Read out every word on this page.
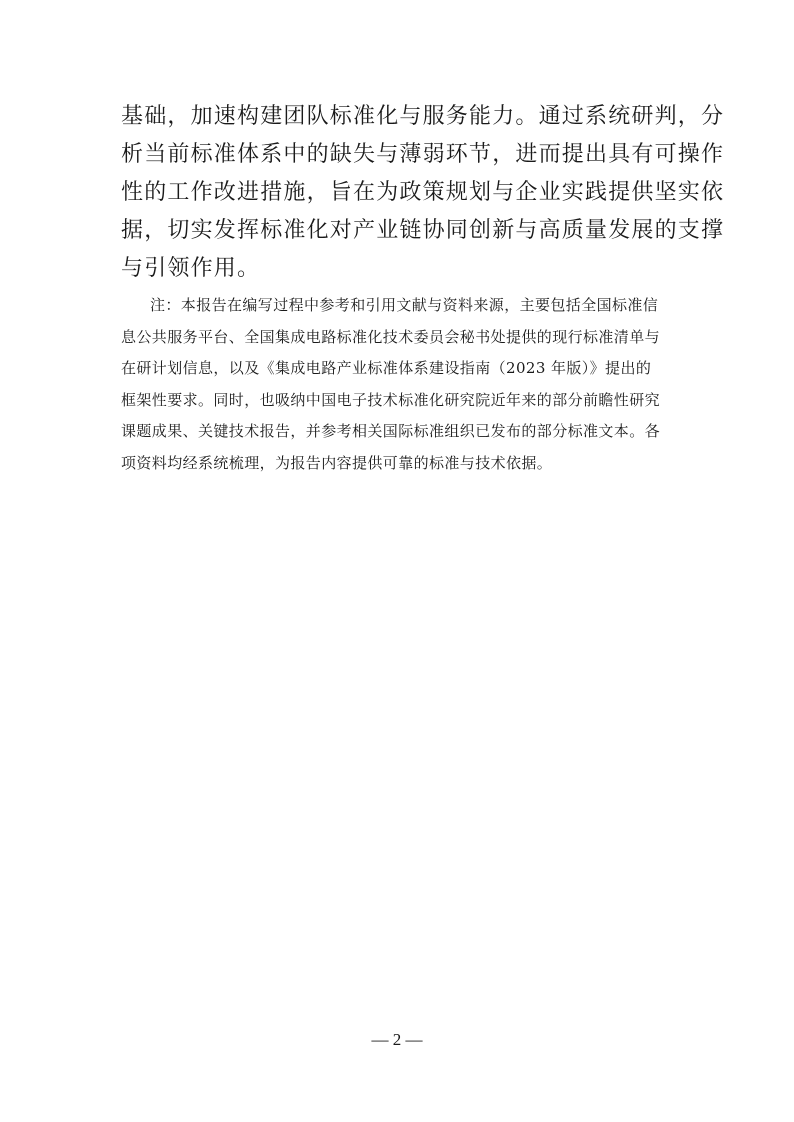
基础，加速构建团队标准化与服务能力。通过系统研判，分
析当前标准体系中的缺失与薄弱环节，进而提出具有可操作
性的工作改进措施，旨在为政策规划与企业实践提供坚实依
据，切实发挥标准化对产业链协同创新与高质量发展的支撑
与引领作用。
注：本报告在编写过程中参考和引用文献与资料来源，主要包括全国标准信
息公共服务平台、全国集成电路标准化技术委员会秘书处提供的现行标准清单与
在研计划信息，以及《集成电路产业标准体系建设指南（2023 年版）》提出的
框架性要求。同时，也吸纳中国电子技术标准化研究院近年来的部分前瞻性研究
课题成果、关键技术报告，并参考相关国际标准组织已发布的部分标准文本。各
项资料均经系统梳理，为报告内容提供可靠的标准与技术依据。
— 2 —
